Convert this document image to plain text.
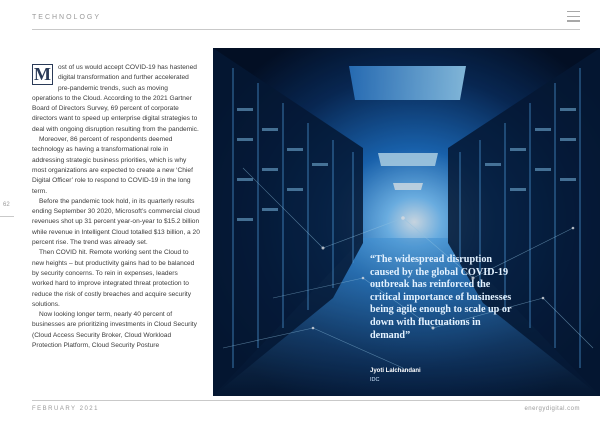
TECHNOLOGY
62

M	ost of us would accept COVID-19 has hastened digital transformation and further accelerated pre-pandemic trends, such as moving operations to the Cloud. According to the 2021 Gartner Board of Directors Survey, 69 percent of corporate directors want to speed up enterprise digital strategies to deal with ongoing disruption resulting from the pandemic.

Moreover, 86 percent of respondents deemed technology as having a transformational role in addressing strategic business priorities, which is why most organizations are expected to create a new ‘Chief Digital Officer’ role to respond to COVID-19 in the long term.

Before the pandemic took hold, in its quarterly results ending September 30 2020, Microsoft’s commercial cloud revenues shot up 31 percent year-on-year to $15.2 billion while revenue in Intelligent Cloud totalled $13 billion, a 20 percent rise. The trend was already set.

Then COVID hit. Remote working sent the Cloud to new heights – but productivity gains had to be balanced by security concerns. To rein in expenses, leaders worked hard to improve integrated threat protection to reduce the risk of costly breaches and acquire security solutions.

Now looking longer term, nearly 40 percent of businesses are prioritizing investments in Cloud Security (Cloud Access Security Broker, Cloud Workload Protection Platform, Cloud Security Posture

“The widespread disruption caused by the global COVID-19 outbreak has reinforced the critical importance of businesses being agile enough to scale up or down with fluctuations in demand”
Jyoti Lalchandani
IDC
FEBRUARY 2021	energydigital.com
